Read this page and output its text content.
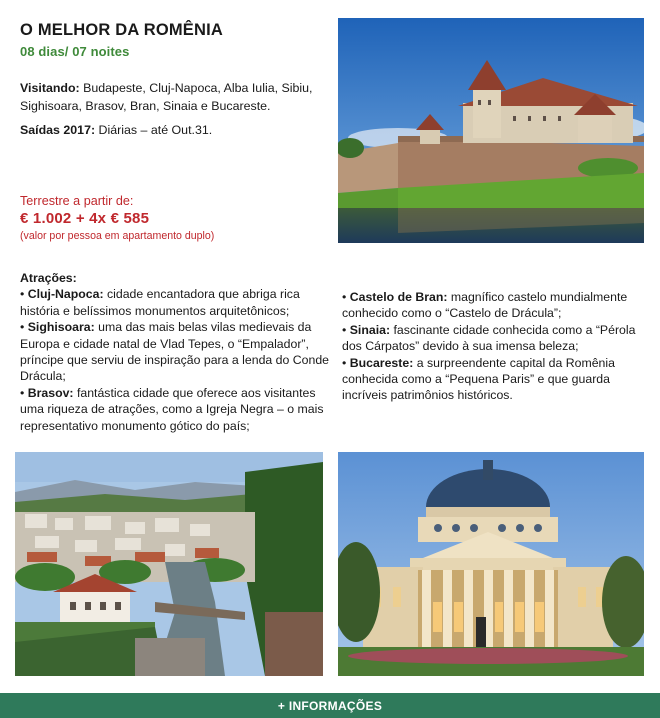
O MELHOR DA ROMÊNIA
08 dias/ 07 noites
Visitando: Budapeste, Cluj-Napoca, Alba Iulia, Sibiu, Sighisoara, Brasov, Bran, Sinaia e Bucareste.
Saídas 2017: Diárias – até Out.31.
Terrestre a partir de:
€ 1.002 + 4x € 585
(valor por pessoa em apartamento duplo)
Atrações:
• Cluj-Napoca: cidade encantadora que abriga rica história e belíssimos monumentos arquitetônicos;
• Sighisoara: uma das mais belas vilas medievais da Europa e cidade natal de Vlad Tepes, o “Empalador”, príncipe que serviu de inspiração para a lenda do Conde Drácula;
• Brasov: fantástica cidade que oferece aos visitantes uma riqueza de atrações, como a Igreja Negra – o mais representativo monumento gótico do país;
• Castelo de Bran: magnífico castelo mundialmente conhecido como o “Castelo de Drácula”;
• Sinaia: fascinante cidade conhecida como a “Pérola dos Cárpatos” devido à sua imensa beleza;
• Bucareste: a surpreendente capital da Romênia conhecida como a “Pequena Paris” e que guarda incríveis patrimônios históricos.
+ INFORMAÇÕES
